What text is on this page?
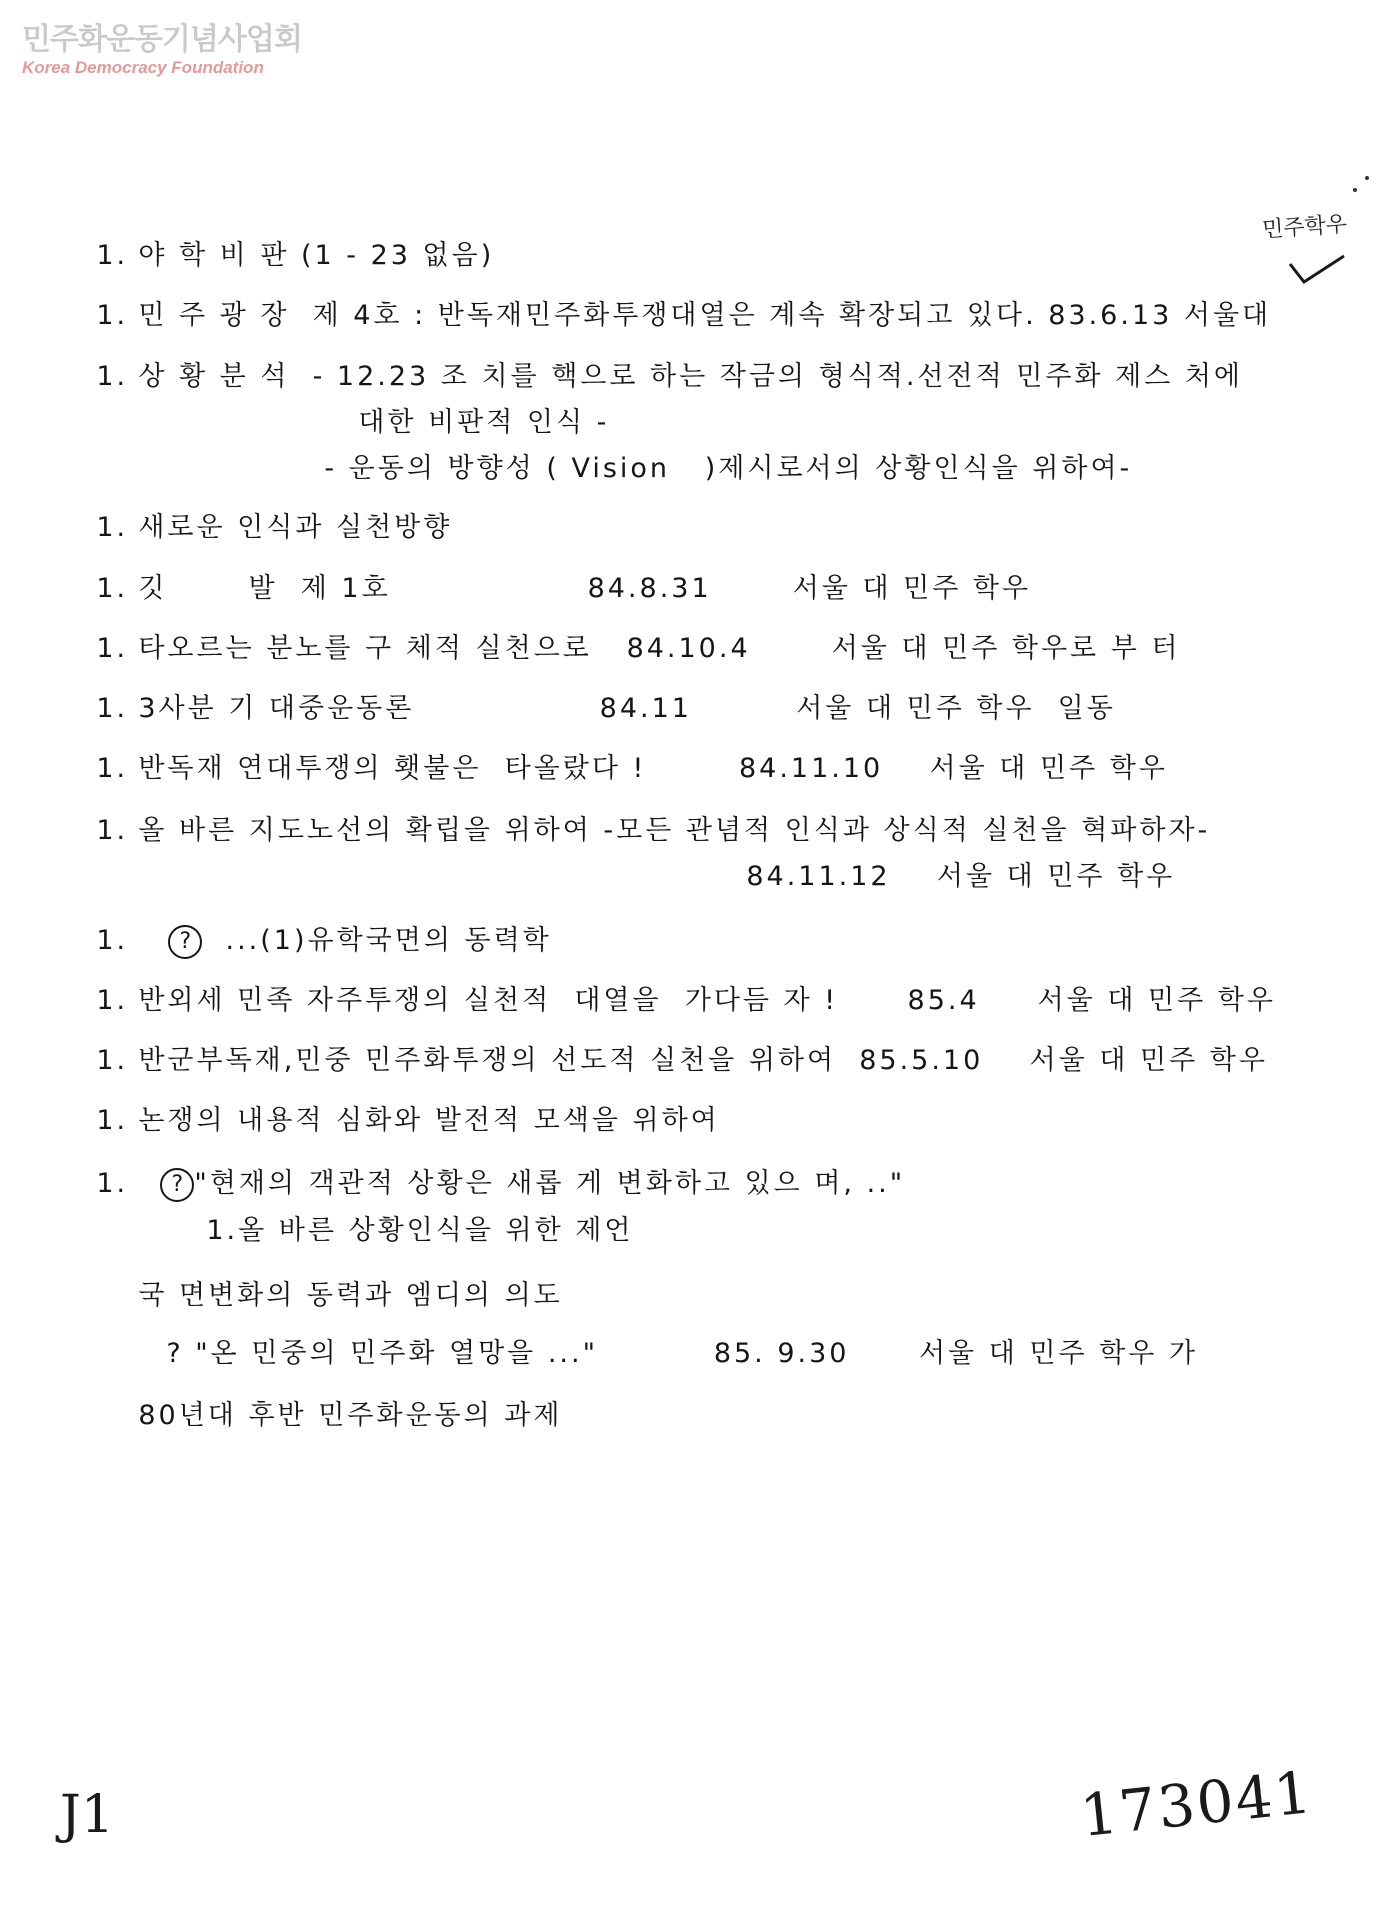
민주화운동기념사업회
Korea Democracy Foundation
민주학우

1. 야 학 비 판 (1 - 23 없음)

1. 민 주 광 장  제 4호 : 반독재민주화투쟁대열은 계속 확장되고 있다. 83.6.13 서울대

1. 상 황 분 석  - 12.23 조 치를 핵으로 하는 작금의 형식적.선전적 민주화 제스 처에

대한 비판적 인식 -

- 운동의 방향성 ( Vision   )제시로서의 상황인식을 위하여-

1. 새로운 인식과 실천방향

1. 깃       발  제 1호                 84.8.31       서울 대 민주 학우

1. 타오르는 분노를 구 체적 실천으로   84.10.4       서울 대 민주 학우로 부 터

1. 3사분 기 대중운동론                84.11         서울 대 민주 학우  일동

1. 반독재 연대투쟁의 횃불은  타올랐다 !        84.11.10    서울 대 민주 학우

1. 올 바른 지도노선의 확립을 위하여 -모든 관념적 인식과 상식적 실천을 혁파하자-

84.11.12    서울 대 민주 학우

1. ?  ...(1)유학국면의 동력학

1. 반외세 민족 자주투쟁의 실천적  대열을  가다듬 자 !      85.4     서울 대 민주 학우

1. 반군부독재,민중 민주화투쟁의 선도적 실천을 위하여  85.5.10    서울 대 민주 학우

1. 논쟁의 내용적 심화와 발전적 모색을 위하여

1. ? "현재의 객관적 상황은 새롭 게 변화하고 있으 며, .."

1.올 바른 상황인식을 위한 제언

국 면변화의 동력과 엠디의 의도

? "온 민중의 민주화 열망을 ..."          85. 9.30      서울 대 민주 학우 가

80년대 후반 민주화운동의 과제

J1	173041
